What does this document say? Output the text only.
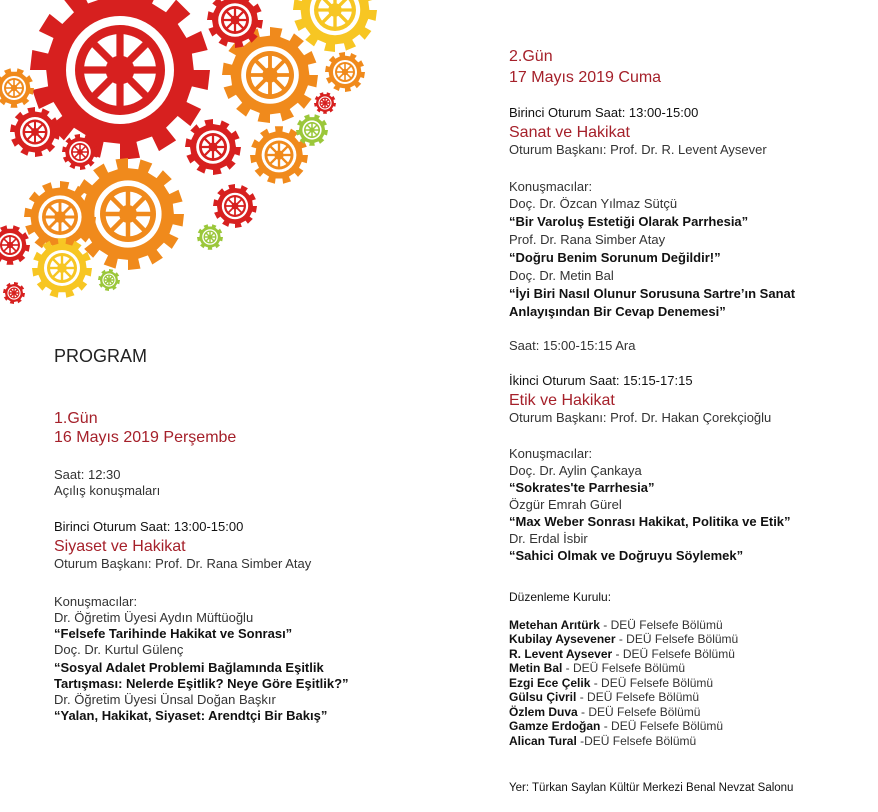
PROGRAM
1.Gün
16 Mayıs 2019 Perşembe
Saat: 12:30
Açılış konuşmaları
Birinci Oturum Saat: 13:00-15:00
Siyaset ve Hakikat
Oturum Başkanı: Prof. Dr. Rana Simber Atay
Konuşmacılar:
Dr. Öğretim Üyesi Aydın Müftüoğlu
“Felsefe Tarihinde Hakikat ve Sonrası”
Doç. Dr. Kurtul Gülenç
“Sosyal Adalet Problemi Bağlamında Eşitlik
Tartışması: Nelerde Eşitlik? Neye Göre Eşitlik?”
Dr. Öğretim Üyesi Ünsal Doğan Başkır
“Yalan, Hakikat, Siyaset: Arendtçi Bir Bakış”
2.Gün
17 Mayıs 2019 Cuma
Birinci Oturum Saat: 13:00-15:00
Sanat ve Hakikat
Oturum Başkanı: Prof. Dr. R. Levent Aysever
Konuşmacılar:
Doç. Dr. Özcan Yılmaz Sütçü
“Bir Varoluş Estetiği Olarak Parrhesia”
Prof. Dr. Rana Simber Atay
“Doğru Benim Sorunum Değildir!”
Doç. Dr. Metin Bal
“İyi Biri Nasıl Olunur Sorusuna Sartre’ın Sanat
Anlayışından Bir Cevap Denemesi”
Saat: 15:00-15:15 Ara
İkinci Oturum Saat: 15:15-17:15
Etik ve Hakikat
Oturum Başkanı: Prof. Dr. Hakan Çorekçioğlu
Konuşmacılar:
Doç. Dr. Aylin Çankaya
“Sokrates'te Parrhesia”
Özgür Emrah Gürel
“Max Weber Sonrası Hakikat, Politika ve Etik”
Dr. Erdal İsbir
“Sahici Olmak ve Doğruyu Söylemek”
Düzenleme Kurulu:
Metehan Arıtürk - DEÜ Felsefe Bölümü
Kubilay Aysevener - DEÜ Felsefe Bölümü
R. Levent Aysever - DEÜ Felsefe Bölümü
Metin Bal - DEÜ Felsefe Bölümü
Ezgi Ece Çelik - DEÜ Felsefe Bölümü
Gülsu Çivril - DEÜ Felsefe Bölümü
Özlem Duva - DEÜ Felsefe Bölümü
Gamze Erdoğan - DEÜ Felsefe Bölümü
Alican Tural -DEÜ Felsefe Bölümü
Yer: Türkan Saylan Kültür Merkezi Benal Nevzat Salonu
